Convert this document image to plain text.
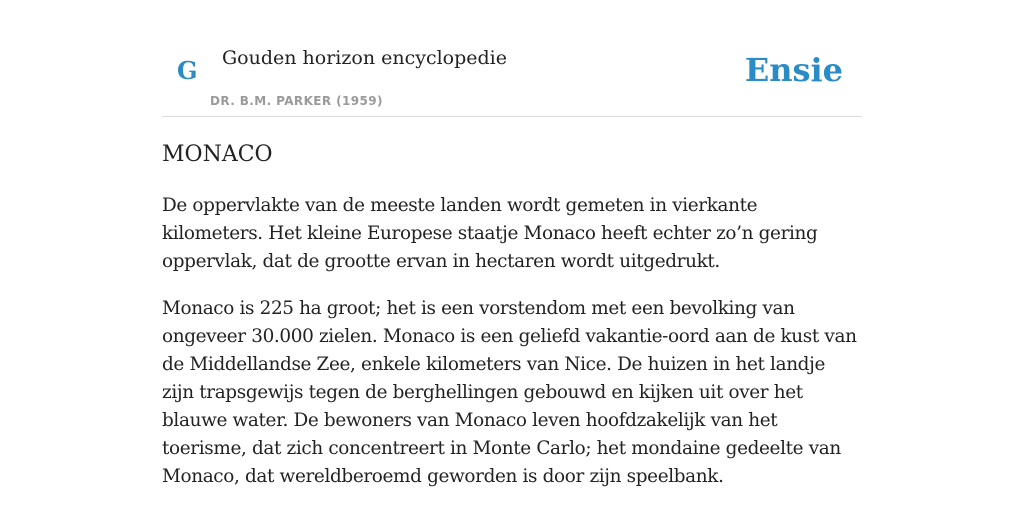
G Gouden horizon encyclopedie
DR. B.M. PARKER (1959)
Ensie
MONACO

De oppervlakte van de meeste landen wordt gemeten in vierkante kilometers. Het kleine Europese staatje Monaco heeft echter zo’n gering oppervlak, dat de grootte ervan in hectaren wordt uitgedrukt.

Monaco is 225 ha groot; het is een vorstendom met een bevolking van ongeveer 30.000 zielen. Monaco is een geliefd vakantie-oord aan de kust van de Middellandse Zee, enkele kilometers van Nice. De huizen in het landje zijn trapsgewijs tegen de berghellingen gebouwd en kijken uit over het blauwe water. De bewoners van Monaco leven hoofdzakelijk van het toerisme, dat zich concentreert in Monte Carlo; het mondaine gedeelte van Monaco, dat wereldberoemd geworden is door zijn speelbank.
